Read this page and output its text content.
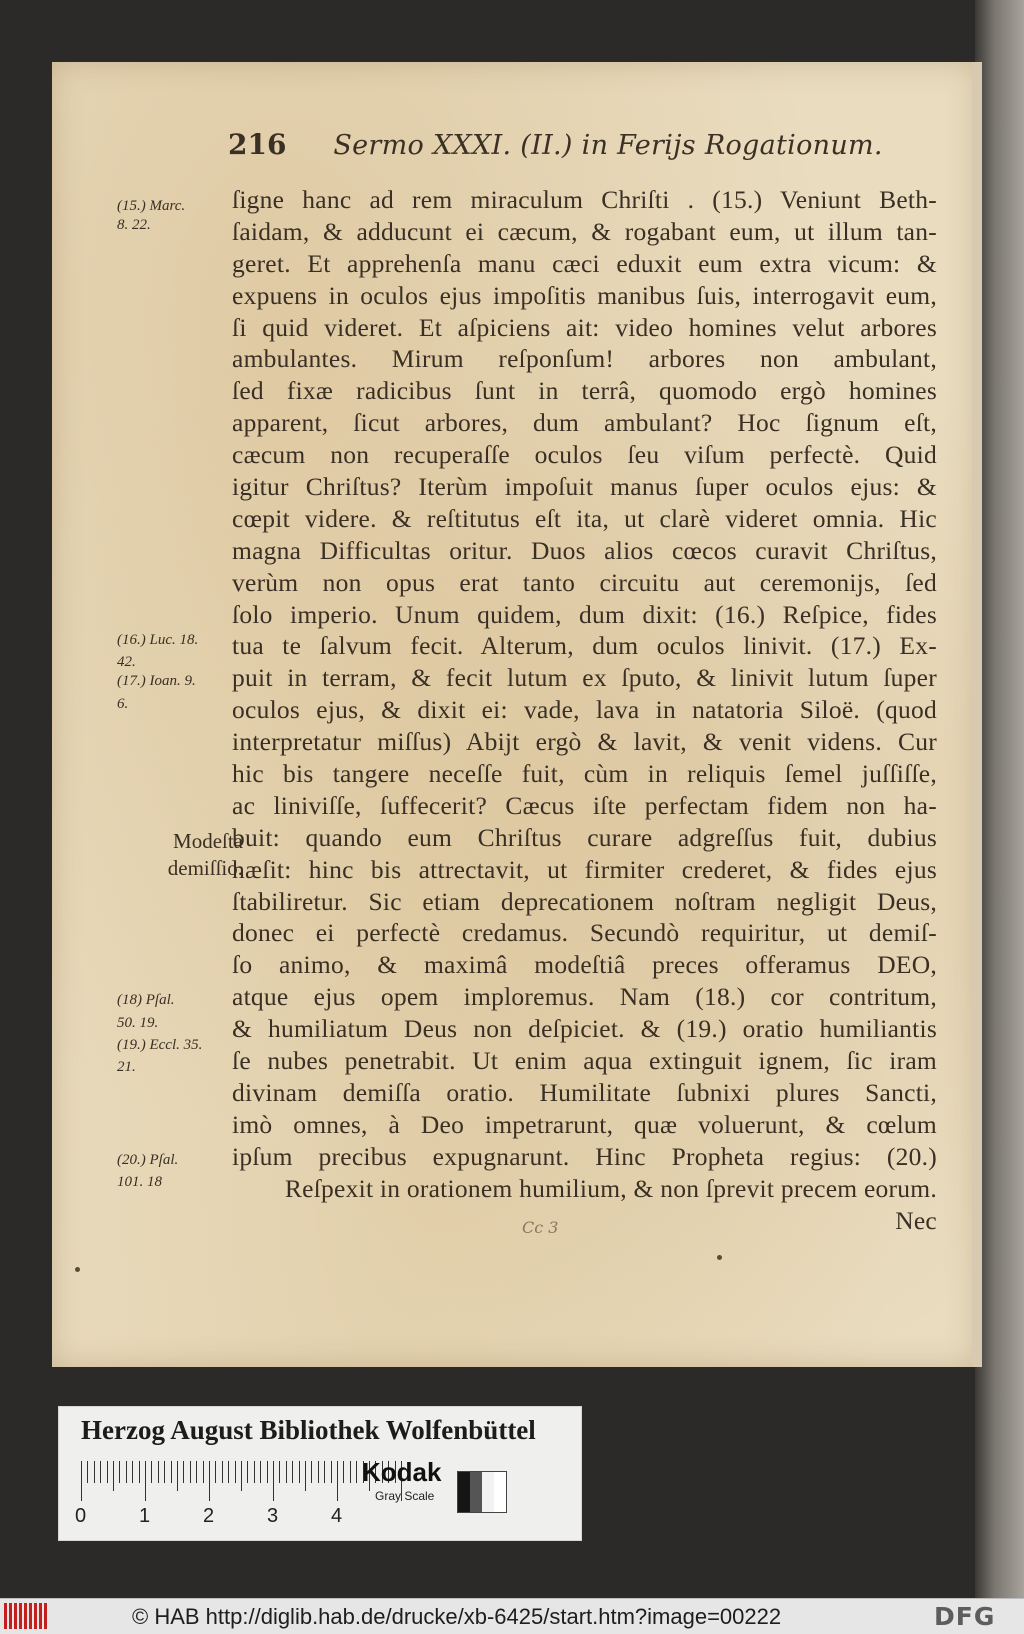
216 Sermo XXXI. (II.) in Ferijs Rogationum.
ſigne hanc ad rem miraculum Chriſti . (15.) Veniunt Beth-
ſaidam, & adducunt ei cæcum, & rogabant eum, ut illum tan-
geret. Et apprehenſa manu cæci eduxit eum extra vicum: &
expuens in oculos ejus impoſitis manibus ſuis, interrogavit eum,
ſi quid videret. Et aſpiciens ait: video homines velut arbores
ambulantes. Mirum reſponſum! arbores non ambulant,
ſed fixæ radicibus ſunt in terrâ, quomodo ergò homines
apparent, ſicut arbores, dum ambulant? Hoc ſignum eſt,
cæcum non recuperaſſe oculos ſeu viſum perfectè. Quid
igitur Chriſtus? Iterùm impoſuit manus ſuper oculos ejus: &
cœpit videre. & reſtitutus eſt ita, ut clarè videret omnia. Hic
magna Difficultas oritur. Duos alios cœcos curavit Chriſtus,
verùm non opus erat tanto circuitu aut ceremonijs, ſed
ſolo imperio. Unum quidem, dum dixit: (16.) Reſpice, fides
tua te ſalvum fecit. Alterum, dum oculos linivit. (17.) Ex-
puit in terram, & fecit lutum ex ſputo, & linivit lutum ſuper
oculos ejus, & dixit ei: vade, lava in natatoria Siloë. (quod
interpretatur miſſus) Abijt ergò & lavit, & venit videns. Cur
hic bis tangere neceſſe fuit, cùm in reliquis ſemel juſſiſſe,
ac liniviſſe, ſuffecerit? Cæcus iſte perfectam fidem non ha-
buit: quando eum Chriſtus curare adgreſſus fuit, dubius
hæſit: hinc bis attrectavit, ut firmiter crederet, & fides ejus
ſtabiliretur. Sic etiam deprecationem noſtram negligit Deus,
donec ei perfectè credamus. Secundò requiritur, ut demiſ-
ſo animo, & maximâ modeſtiâ preces offeramus DEO,
atque ejus opem imploremus. Nam (18.) cor contritum,
& humiliatum Deus non deſpiciet. & (19.) oratio humiliantis
ſe nubes penetrabit. Ut enim aqua extinguit ignem, ſic iram
divinam demiſſa oratio. Humilitate ſubnixi plures Sancti,
imò omnes, à Deo impetrarunt, quæ voluerunt, & cœlum
ipſum precibus expugnarunt. Hinc Propheta regius: (20.)
Reſpexit in orationem humilium, & non ſprevit precem eorum.
Nec
Modeſta
demiſſio.
(15.) Marc.
8. 22.
(16.) Luc. 18.
42.
(17.) Ioan. 9.
6.
(18) Pſal.
50. 19.
(19.) Eccl. 35.
21.
(20.) Pſal.
101. 18
Cc 3
Herzog August Bibliothek Wolfenbüttel
0	1	2	3	4
Kodak
Gray Scale
© HAB http://diglib.hab.de/drucke/xb-6425/start.htm?image=00222	DFG
